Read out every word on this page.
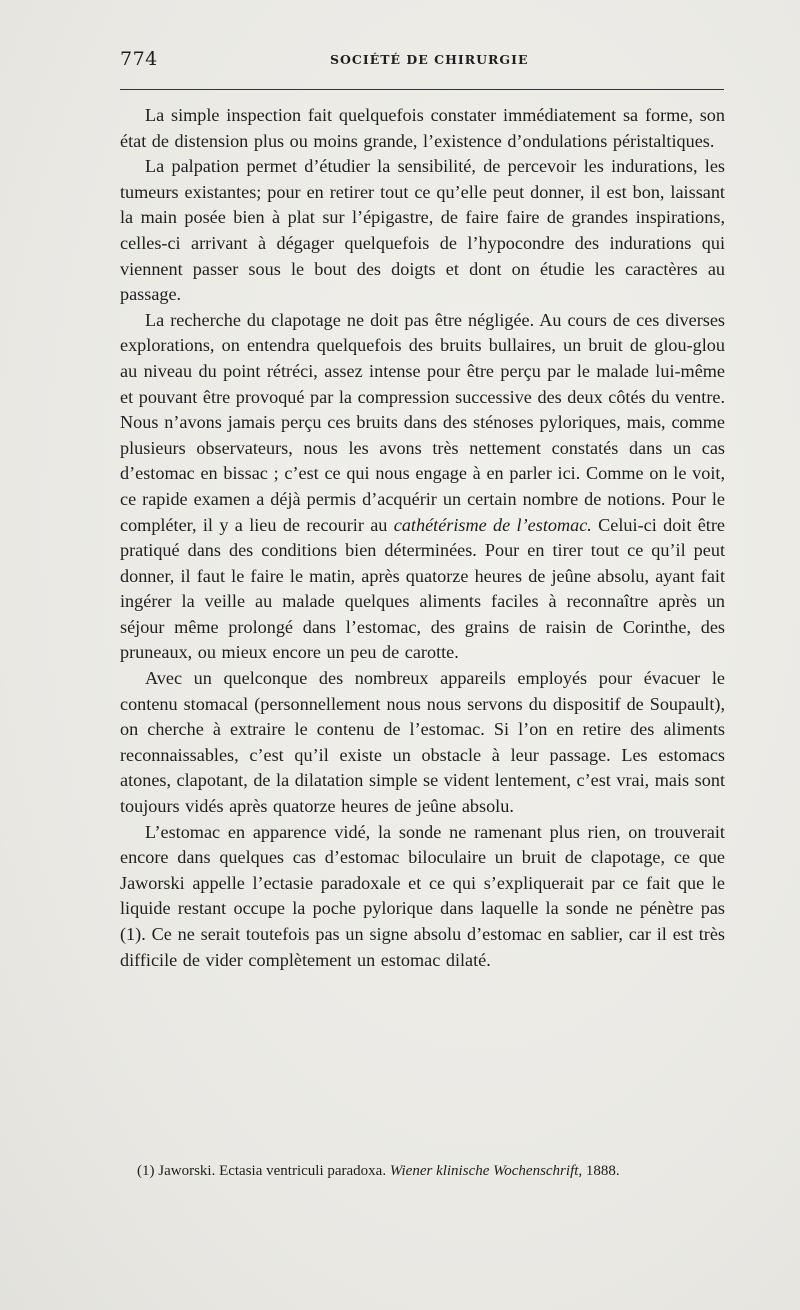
774	SOCIÉTÉ DE CHIRURGIE

La simple inspection fait quelquefois constater immédiatement sa forme, son état de distension plus ou moins grande, l’existence d’ondulations péristaltiques.

La palpation permet d’étudier la sensibilité, de percevoir les indurations, les tumeurs existantes; pour en retirer tout ce qu’elle peut donner, il est bon, laissant la main posée bien à plat sur l’épigastre, de faire faire de grandes inspirations, celles-ci arrivant à dégager quelquefois de l’hypocondre des indurations qui viennent passer sous le bout des doigts et dont on étudie les caractères au passage.

La recherche du clapotage ne doit pas être négligée. Au cours de ces diverses explorations, on entendra quelquefois des bruits bullaires, un bruit de glou-glou au niveau du point rétréci, assez intense pour être perçu par le malade lui-même et pouvant être provoqué par la compression successive des deux côtés du ventre. Nous n’avons jamais perçu ces bruits dans des sténoses pyloriques, mais, comme plusieurs observateurs, nous les avons très nettement constatés dans un cas d’estomac en bissac ; c’est ce qui nous engage à en parler ici. Comme on le voit, ce rapide examen a déjà permis d’acquérir un certain nombre de notions. Pour le compléter, il y a lieu de recourir au cathétérisme de l’estomac. Celui-ci doit être pratiqué dans des conditions bien déterminées. Pour en tirer tout ce qu’il peut donner, il faut le faire le matin, après quatorze heures de jeûne absolu, ayant fait ingérer la veille au malade quelques aliments faciles à reconnaître après un séjour même prolongé dans l’estomac, des grains de raisin de Corinthe, des pruneaux, ou mieux encore un peu de carotte.

Avec un quelconque des nombreux appareils employés pour évacuer le contenu stomacal (personnellement nous nous servons du dispositif de Soupault), on cherche à extraire le contenu de l’estomac. Si l’on en retire des aliments reconnaissables, c’est qu’il existe un obstacle à leur passage. Les estomacs atones, clapotant, de la dilatation simple se vident lentement, c’est vrai, mais sont toujours vidés après quatorze heures de jeûne absolu.

L’estomac en apparence vidé, la sonde ne ramenant plus rien, on trouverait encore dans quelques cas d’estomac biloculaire un bruit de clapotage, ce que Jaworski appelle l’ectasie paradoxale et ce qui s’expliquerait par ce fait que le liquide restant occupe la poche pylorique dans laquelle la sonde ne pénètre pas (1). Ce ne serait toutefois pas un signe absolu d’estomac en sablier, car il est très difficile de vider complètement un estomac dilaté.

(1) Jaworski. Ectasia ventriculi paradoxa. Wiener klinische Wochenschrift, 1888.
